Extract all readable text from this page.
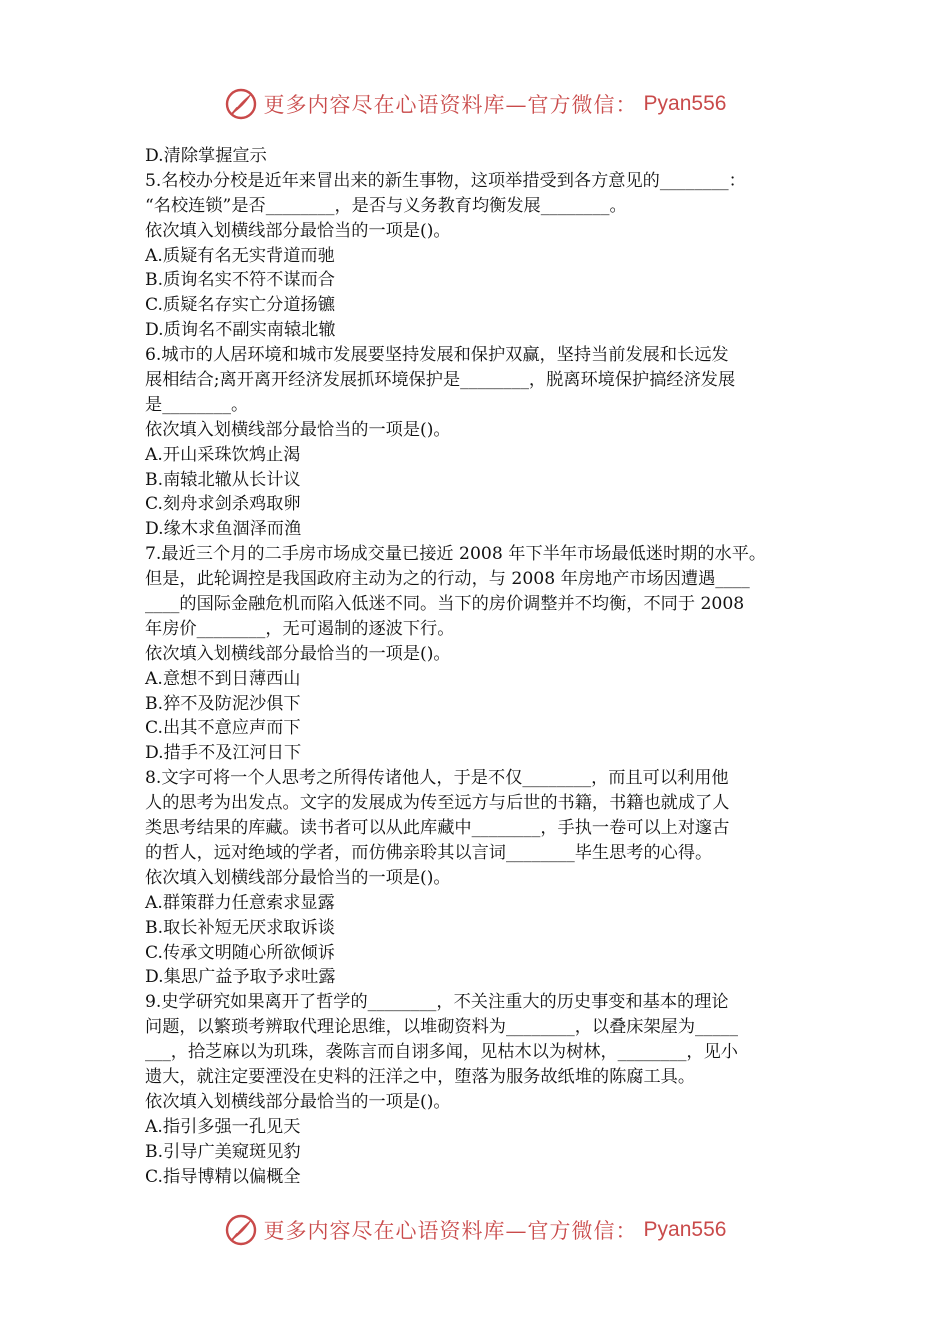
更多内容尽在心语资料库—官方微信： Pyan556
D.清除掌握宣示
5.名校办分校是近年来冒出来的新生事物，这项举措受到各方意见的________：
“名校连锁”是否________，是否与义务教育均衡发展________。
依次填入划横线部分最恰当的一项是()。
A.质疑有名无实背道而驰
B.质询名实不符不谋而合
C.质疑名存实亡分道扬镳
D.质询名不副实南辕北辙
6.城市的人居环境和城市发展要坚持发展和保护双赢，坚持当前发展和长远发
展相结合;离开离开经济发展抓环境保护是________，脱离环境保护搞经济发展
是________。
依次填入划横线部分最恰当的一项是()。
A.开山采珠饮鸩止渴
B.南辕北辙从长计议
C.刻舟求剑杀鸡取卵
D.缘木求鱼涸泽而渔
7.最近三个月的二手房市场成交量已接近 2008 年下半年市场最低迷时期的水平。
但是，此轮调控是我国政府主动为之的行动，与 2008 年房地产市场因遭遇____
____的国际金融危机而陷入低迷不同。当下的房价调整并不均衡，不同于 2008
年房价________，无可遏制的逐波下行。
依次填入划横线部分最恰当的一项是()。
A.意想不到日薄西山
B.猝不及防泥沙俱下
C.出其不意应声而下
D.措手不及江河日下
8.文字可将一个人思考之所得传诸他人，于是不仅________，而且可以利用他
人的思考为出发点。文字的发展成为传至远方与后世的书籍，书籍也就成了人
类思考结果的库藏。读书者可以从此库藏中________，手执一卷可以上对邃古
的哲人，远对绝域的学者，而仿佛亲聆其以言词________毕生思考的心得。
依次填入划横线部分最恰当的一项是()。
A.群策群力任意索求显露
B.取长补短无厌求取诉谈
C.传承文明随心所欲倾诉
D.集思广益予取予求吐露
9.史学研究如果离开了哲学的________，不关注重大的历史事变和基本的理论
问题，以繁琐考辨取代理论思维，以堆砌资料为________，以叠床架屋为_____
___，拾芝麻以为玑珠，袭陈言而自诩多闻，见枯木以为树林，________，见小
遗大，就注定要湮没在史料的汪洋之中，堕落为服务故纸堆的陈腐工具。
依次填入划横线部分最恰当的一项是()。
A.指引多强一孔见天
B.引导广美窥斑见豹
C.指导博精以偏概全
更多内容尽在心语资料库—官方微信： Pyan556
